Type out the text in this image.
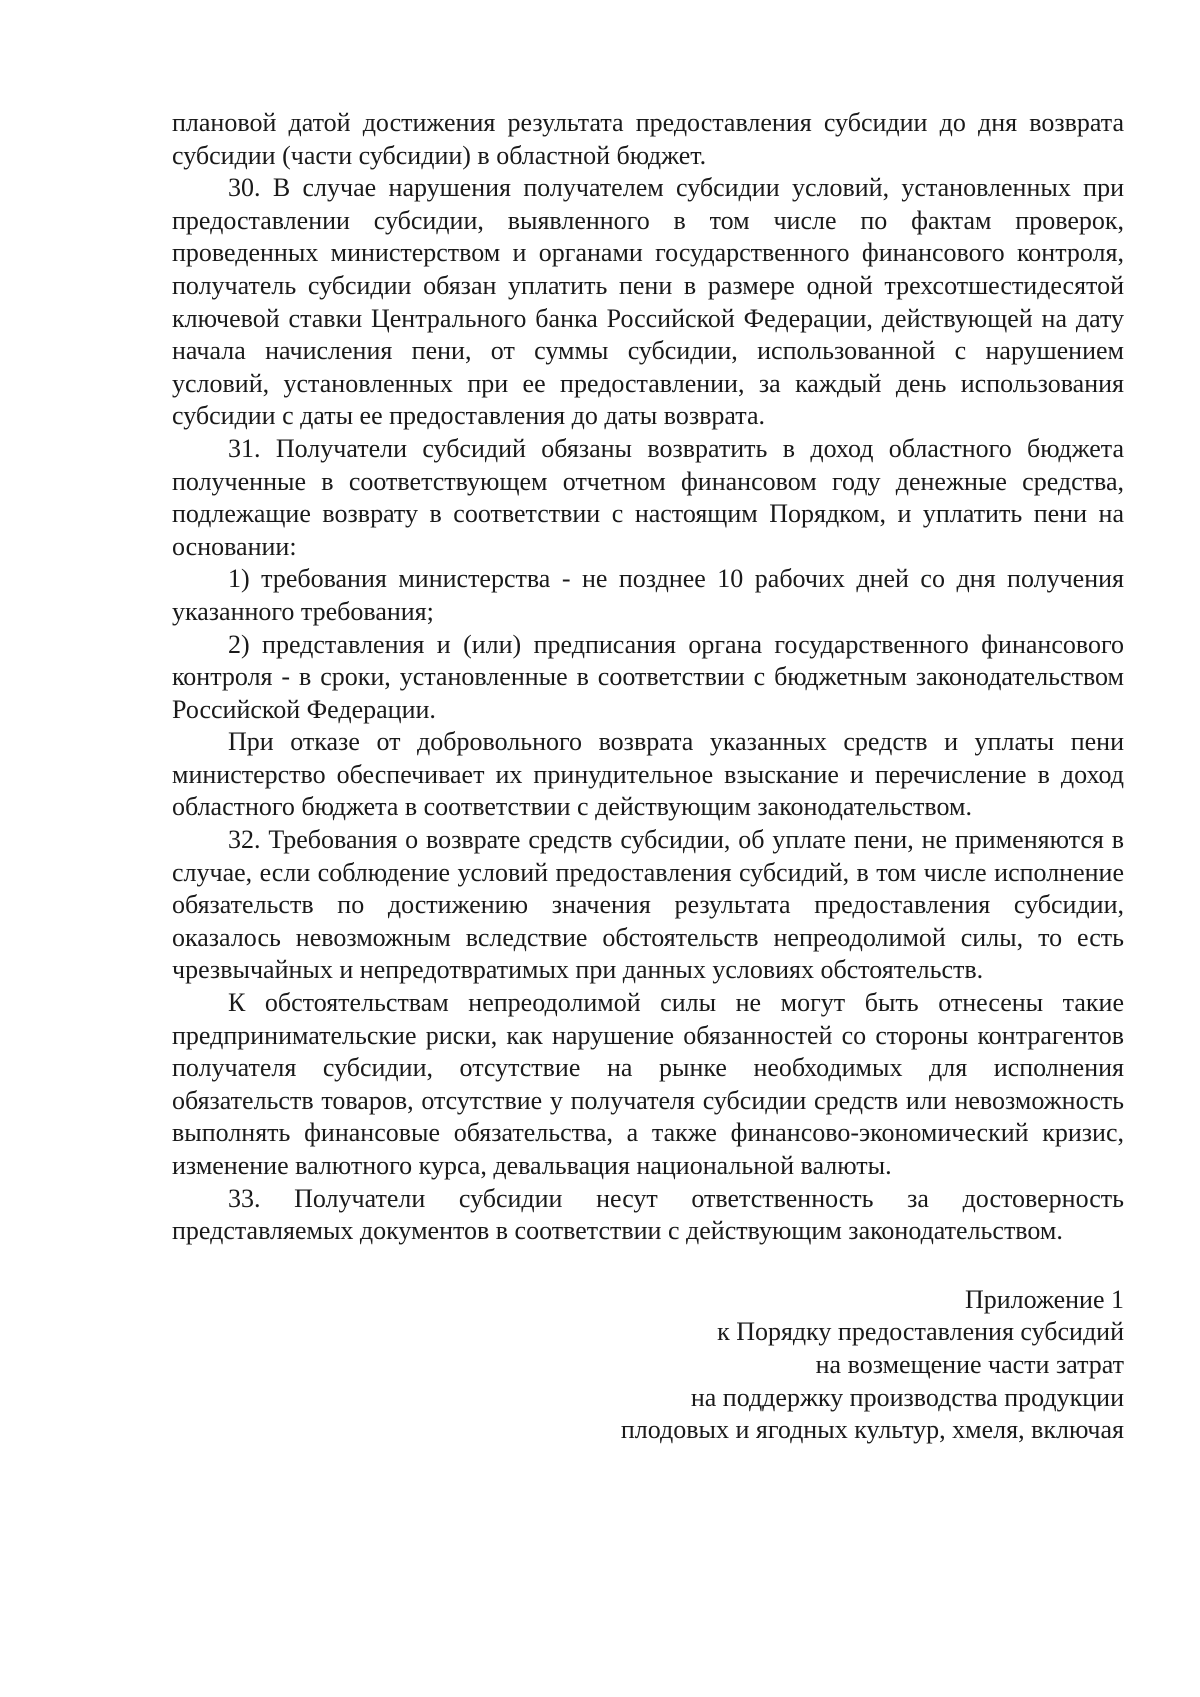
плановой датой достижения результата предоставления субсидии до дня возврата субсидии (части субсидии) в областной бюджет.

30. В случае нарушения получателем субсидии условий, установленных при предоставлении субсидии, выявленного в том числе по фактам проверок, проведенных министерством и органами государственного финансового контроля, получатель субсидии обязан уплатить пени в размере одной трехсотшестидесятой ключевой ставки Центрального банка Российской Федерации, действующей на дату начала начисления пени, от суммы субсидии, использованной с нарушением условий, установленных при ее предоставлении, за каждый день использования субсидии с даты ее предоставления до даты возврата.

31. Получатели субсидий обязаны возвратить в доход областного бюджета полученные в соответствующем отчетном финансовом году денежные средства, подлежащие возврату в соответствии с настоящим Порядком, и уплатить пени на основании:

1) требования министерства - не позднее 10 рабочих дней со дня получения указанного требования;

2) представления и (или) предписания органа государственного финансового контроля - в сроки, установленные в соответствии с бюджетным законодательством Российской Федерации.

При отказе от добровольного возврата указанных средств и уплаты пени министерство обеспечивает их принудительное взыскание и перечисление в доход областного бюджета в соответствии с действующим законодательством.

32. Требования о возврате средств субсидии, об уплате пени, не применяются в случае, если соблюдение условий предоставления субсидий, в том числе исполнение обязательств по достижению значения результата предоставления субсидии, оказалось невозможным вследствие обстоятельств непреодолимой силы, то есть чрезвычайных и непредотвратимых при данных условиях обстоятельств.

К обстоятельствам непреодолимой силы не могут быть отнесены такие предпринимательские риски, как нарушение обязанностей со стороны контрагентов получателя субсидии, отсутствие на рынке необходимых для исполнения обязательств товаров, отсутствие у получателя субсидии средств или невозможность выполнять финансовые обязательства, а также финансово-экономический кризис, изменение валютного курса, девальвация национальной валюты.

33. Получатели субсидии несут ответственность за достоверность представляемых документов в соответствии с действующим законодательством.

Приложение 1
к Порядку предоставления субсидий
на возмещение части затрат
на поддержку производства продукции
плодовых и ягодных культур, хмеля, включая
